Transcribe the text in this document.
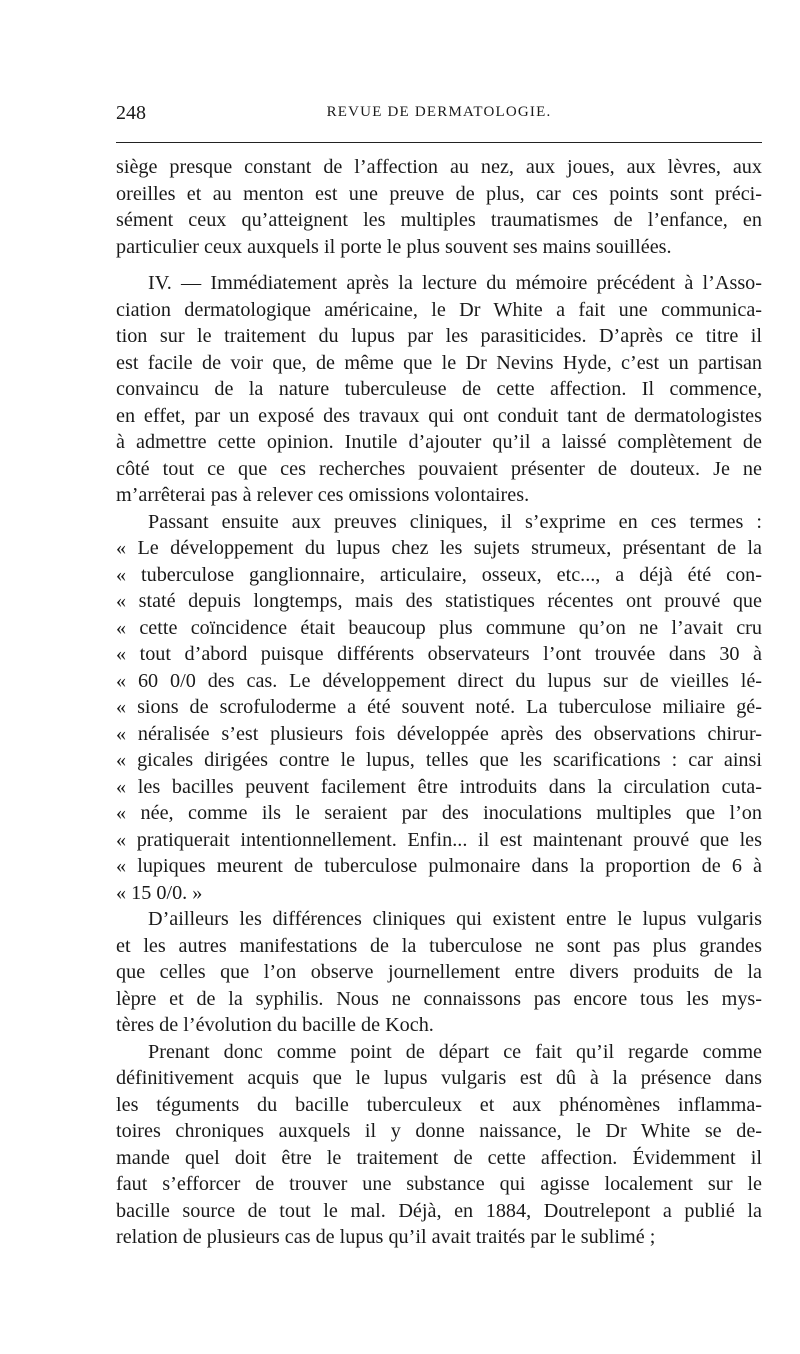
248	REVUE DE DERMATOLOGIE.
siège presque constant de l’affection au nez, aux joues, aux lèvres, aux
oreilles et au menton est une preuve de plus, car ces points sont préci-
sément ceux qu’atteignent les multiples traumatismes de l’enfance, en
particulier ceux auxquels il porte le plus souvent ses mains souillées.
IV. — Immédiatement après la lecture du mémoire précédent à l’Asso-
ciation dermatologique américaine, le Dr White a fait une communica-
tion sur le traitement du lupus par les parasiticides. D’après ce titre il
est facile de voir que, de même que le Dr Nevins Hyde, c’est un partisan
convaincu de la nature tuberculeuse de cette affection. Il commence,
en effet, par un exposé des travaux qui ont conduit tant de dermatologistes
à admettre cette opinion. Inutile d’ajouter qu’il a laissé complètement de
côté tout ce que ces recherches pouvaient présenter de douteux. Je ne
m’arrêterai pas à relever ces omissions volontaires.
Passant ensuite aux preuves cliniques, il s’exprime en ces termes :
« Le développement du lupus chez les sujets strumeux, présentant de la
« tuberculose ganglionnaire, articulaire, osseux, etc..., a déjà été con-
« staté depuis longtemps, mais des statistiques récentes ont prouvé que
« cette coïncidence était beaucoup plus commune qu’on ne l’avait cru
« tout d’abord puisque différents observateurs l’ont trouvée dans 30 à
« 60 0/0 des cas. Le développement direct du lupus sur de vieilles lé-
« sions de scrofuloderme a été souvent noté. La tuberculose miliaire gé-
« néralisée s’est plusieurs fois développée après des observations chirur-
« gicales dirigées contre le lupus, telles que les scarifications : car ainsi
« les bacilles peuvent facilement être introduits dans la circulation cuta-
« née, comme ils le seraient par des inoculations multiples que l’on
« pratiquerait intentionnellement. Enfin... il est maintenant prouvé que les
« lupiques meurent de tuberculose pulmonaire dans la proportion de 6 à
« 15 0/0. »
D’ailleurs les différences cliniques qui existent entre le lupus vulgaris
et les autres manifestations de la tuberculose ne sont pas plus grandes
que celles que l’on observe journellement entre divers produits de la
lèpre et de la syphilis. Nous ne connaissons pas encore tous les mys-
tères de l’évolution du bacille de Koch.
Prenant donc comme point de départ ce fait qu’il regarde comme
définitivement acquis que le lupus vulgaris est dû à la présence dans
les téguments du bacille tuberculeux et aux phénomènes inflamma-
toires chroniques auxquels il y donne naissance, le Dr White se de-
mande quel doit être le traitement de cette affection. Évidemment il
faut s’efforcer de trouver une substance qui agisse localement sur le
bacille source de tout le mal. Déjà, en 1884, Doutrelepont a publié la
relation de plusieurs cas de lupus qu’il avait traités par le sublimé ;
